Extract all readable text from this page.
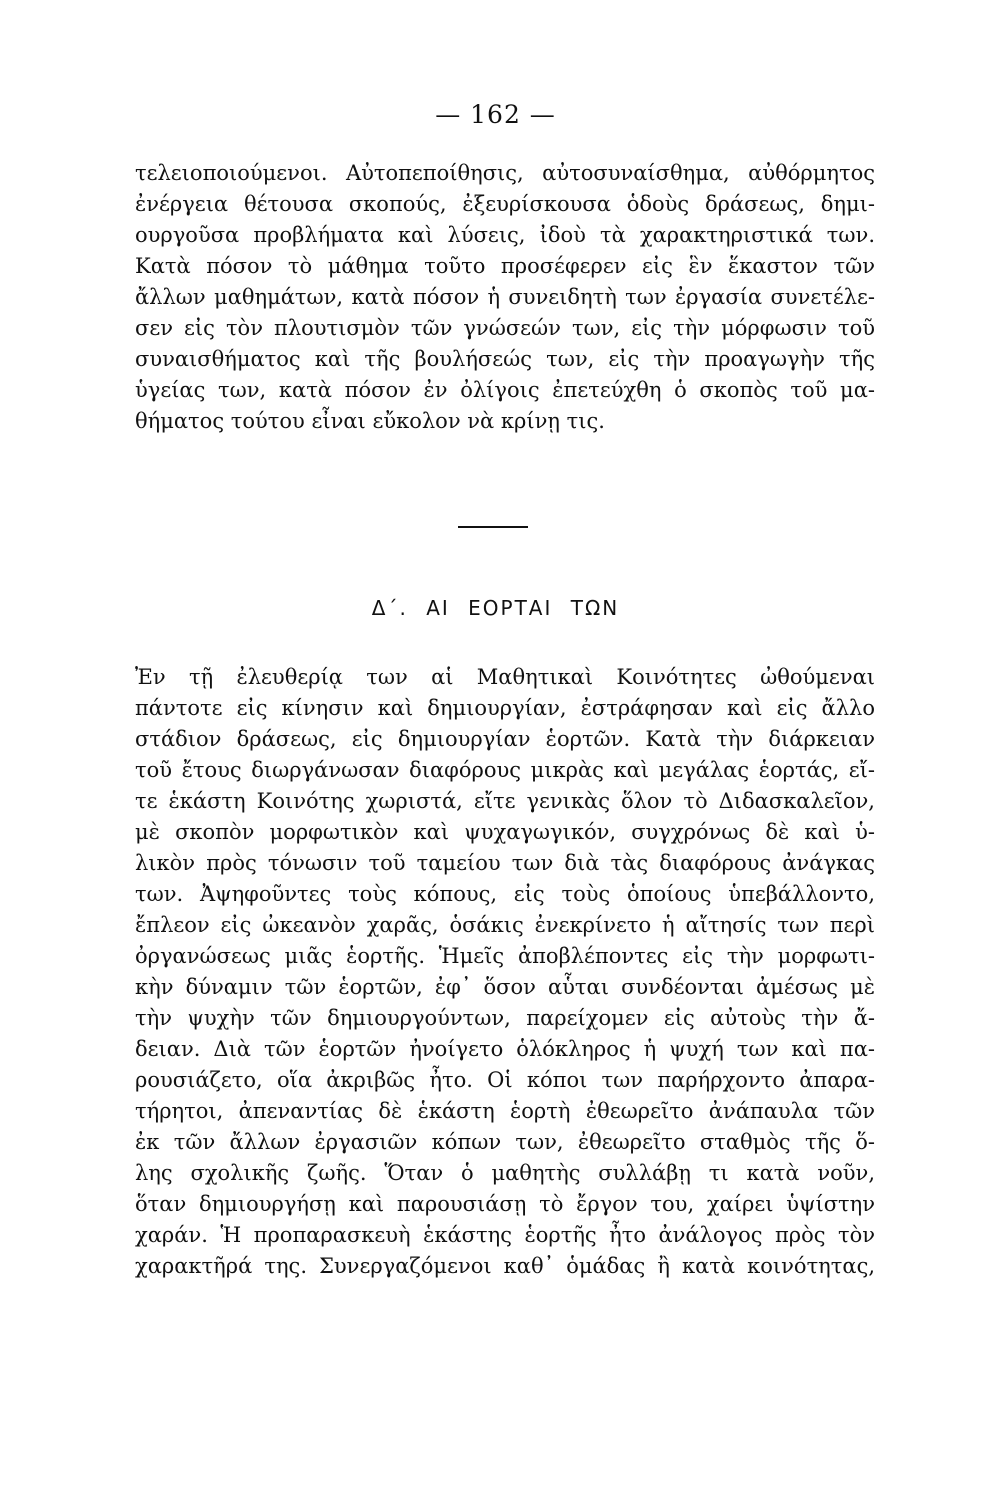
— 162 —
τελειοποιούμενοι. Αὐτοπεποίθησις, αὐτοσυναίσθημα, αὐθόρμητος
ἐνέργεια θέτουσα σκοπούς, ἐξευρίσκουσα ὁδοὺς δράσεως, δημι-
ουργοῦσα προβλήματα καὶ λύσεις, ἰδοὺ τὰ χαρακτηριστικά των.
Κατὰ πόσον τὸ μάθημα τοῦτο προσέφερεν εἰς ἓν ἕκαστον τῶν
ἄλλων μαθημάτων, κατὰ πόσον ἡ συνειδητὴ των ἐργασία συνετέλε-
σεν εἰς τὸν πλουτισμὸν τῶν γνώσεών των, εἰς τὴν μόρφωσιν τοῦ
συναισθήματος καὶ τῆς βουλήσεώς των, εἰς τὴν προαγωγὴν τῆς
ὑγείας των, κατὰ πόσον ἐν ὀλίγοις ἐπετεύχθη ὁ σκοπὸς τοῦ μα-
θήματος τούτου εἶναι εὔκολον νὰ κρίνῃ τις.
Δ΄. ΑΙ ΕΟΡΤΑΙ ΤΩΝ
Ἐν τῇ ἐλευθερίᾳ των αἱ Μαθητικαὶ Κοινότητες ὠθούμεναι
πάντοτε εἰς κίνησιν καὶ δημιουργίαν, ἐστράφησαν καὶ εἰς ἄλλο
στάδιον δράσεως, εἰς δημιουργίαν ἑορτῶν. Κατὰ τὴν διάρκειαν
τοῦ ἔτους διωργάνωσαν διαφόρους μικρὰς καὶ μεγάλας ἑορτάς, εἴ-
τε ἑκάστη Κοινότης χωριστά, εἴτε γενικὰς ὅλον τὸ Διδασκαλεῖον,
μὲ σκοπὸν μορφωτικὸν καὶ ψυχαγωγικόν, συγχρόνως δὲ καὶ ὑ-
λικὸν πρὸς τόνωσιν τοῦ ταμείου των διὰ τὰς διαφόρους ἀνάγκας
των. Ἀψηφοῦντες τοὺς κόπους, εἰς τοὺς ὁποίους ὑπεβάλλοντο,
ἔπλεον εἰς ὠκεανὸν χαρᾶς, ὁσάκις ἐνεκρίνετο ἡ αἴτησίς των περὶ
ὀργανώσεως μιᾶς ἑορτῆς. Ἡμεῖς ἀποβλέποντες εἰς τὴν μορφωτι-
κὴν δύναμιν τῶν ἑορτῶν, ἐφ᾽ ὅσον αὗται συνδέονται ἀμέσως μὲ
τὴν ψυχὴν τῶν δημιουργούντων, παρείχομεν εἰς αὐτοὺς τὴν ἄ-
δειαν. Διὰ τῶν ἑορτῶν ἠνοίγετο ὁλόκληρος ἡ ψυχή των καὶ πα-
ρουσιάζετο, οἵα ἀκριβῶς ἦτο. Οἱ κόποι των παρήρχοντο ἀπαρα-
τήρητοι, ἀπεναντίας δὲ ἑκάστη ἑορτὴ ἐθεωρεῖτο ἀνάπαυλα τῶν
ἐκ τῶν ἄλλων ἐργασιῶν κόπων των, ἐθεωρεῖτο σταθμὸς τῆς ὅ-
λης σχολικῆς ζωῆς. Ὅταν ὁ μαθητὴς συλλάβῃ τι κατὰ νοῦν,
ὅταν δημιουργήσῃ καὶ παρουσιάσῃ τὸ ἔργον του, χαίρει ὑψίστην
χαράν. Ἡ προπαρασκευὴ ἑκάστης ἑορτῆς ἦτο ἀνάλογος πρὸς τὸν
χαρακτῆρά της. Συνεργαζόμενοι καθ᾽ ὁμάδας ἢ κατὰ κοινότητας,
